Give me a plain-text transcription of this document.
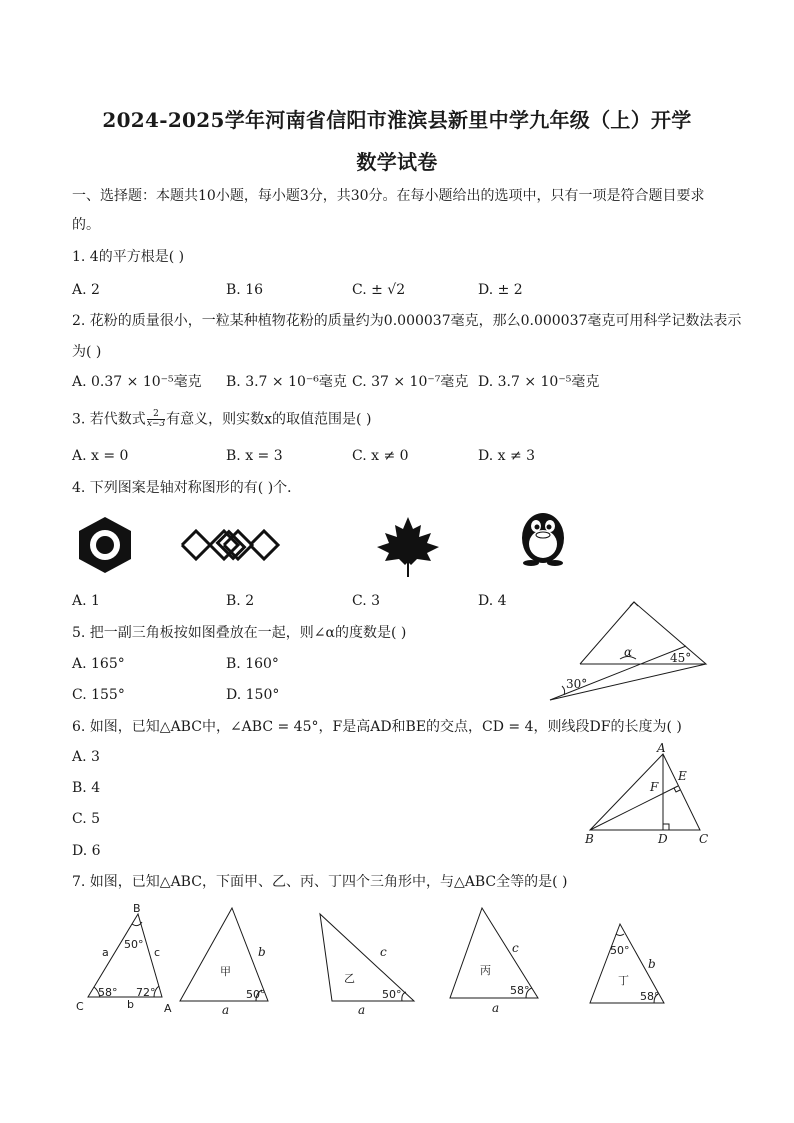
2024-2025学年河南省信阳市淮滨县新里中学九年级（上）开学
数学试卷
一、选择题：本题共10小题，每小题3分，共30分。在每小题给出的选项中，只有一项是符合题目要求
的。
1. 4的平方根是( )
A. 2	B. 16	C. ± √2	D. ± 2
2. 花粉的质量很小，一粒某种植物花粉的质量约为0.000037毫克，那么0.000037毫克可用科学记数法表示
为( )
A. 0.37 × 10⁻⁵毫克 B. 3.7 × 10⁻⁶毫克 C. 37 × 10⁻⁷毫克 D. 3.7 × 10⁻⁵毫克
3. 若代数式 $\frac{2}{x-3}$ 有意义，则实数x的取值范围是( )
A. x = 0	B. x = 3	C. x ≠ 0	D. x ≠ 3
4. 下列图案是轴对称图形的有( )个．
A. 1	B. 2	C. 3	D. 4
5. 把一副三角板按如图叠放在一起，则∠α的度数是( )
A. 165°	B. 160°
C. 155°	D. 150°
α	45°
30°
6. 如图，已知△ABC中，∠ABC = 45°，F是高AD和BE的交点，CD = 4，则线段DF的长度为( )
A. 3
B. 4
C. 5
D. 6
A
B	C
D
E
F
7. 如图，已知△ABC，下面甲、乙、丙、丁四个三角形中，与△ABC全等的是( )
B
C	A
a	c
b
50°
58° 72°
甲
b
a
50°
乙
c
a
50°
丙
c
a
58°
丁
b
50°
58°
